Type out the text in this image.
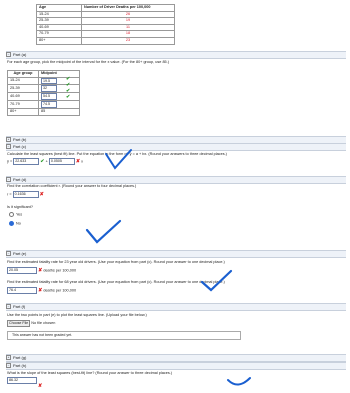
Age	Number of Driver Deaths per 100,000
15-24	26
25-39	19
40-69	11
70-79	18
80+	23
− Part (a)
For each age group, pick the midpoint of the interval for the x value. (For the 80+ group, use 85.)
Age group	Midpoint
15-24	19.5
25-39	32
40-69	54.5
70-79	74.5
80+	85
✔
✔
✔
✔
+ Part (b)
− Part (c)
Calculate the least squares (best fit) line. Put the equation in the form of: ŷ = a + bx. (Round your answers to three decimal places.)
ŷ = 22.633	✔ + 0.0505	✘ x
− Part (d)
Find the correlation coefficient r. (Round your answer to four decimal places.)
r = 0.1636	✘
Is it significant?
Yes
No
− Part (e)
Find the estimated fatality rate for 23 year old drivers. (Use your equation from part (c). Round your answer to one decimal place.)
20.05	✘ deaths per 100,000
Find the estimated fatality rate for 68 year old drivers. (Use your equation from part (c). Round your answer to one decimal place.)
76.4	✘ deaths per 100,000
− Part (f)
Use the two points in part (e) to plot the least squares line. (Upload your file below.)
Choose File No file chosen
This answer has not been graded yet.
+ Part (g)
− Part (h)
What is the slope of the least squares (best-fit) line? (Round your answer to three decimal places.)
86.32
✘
